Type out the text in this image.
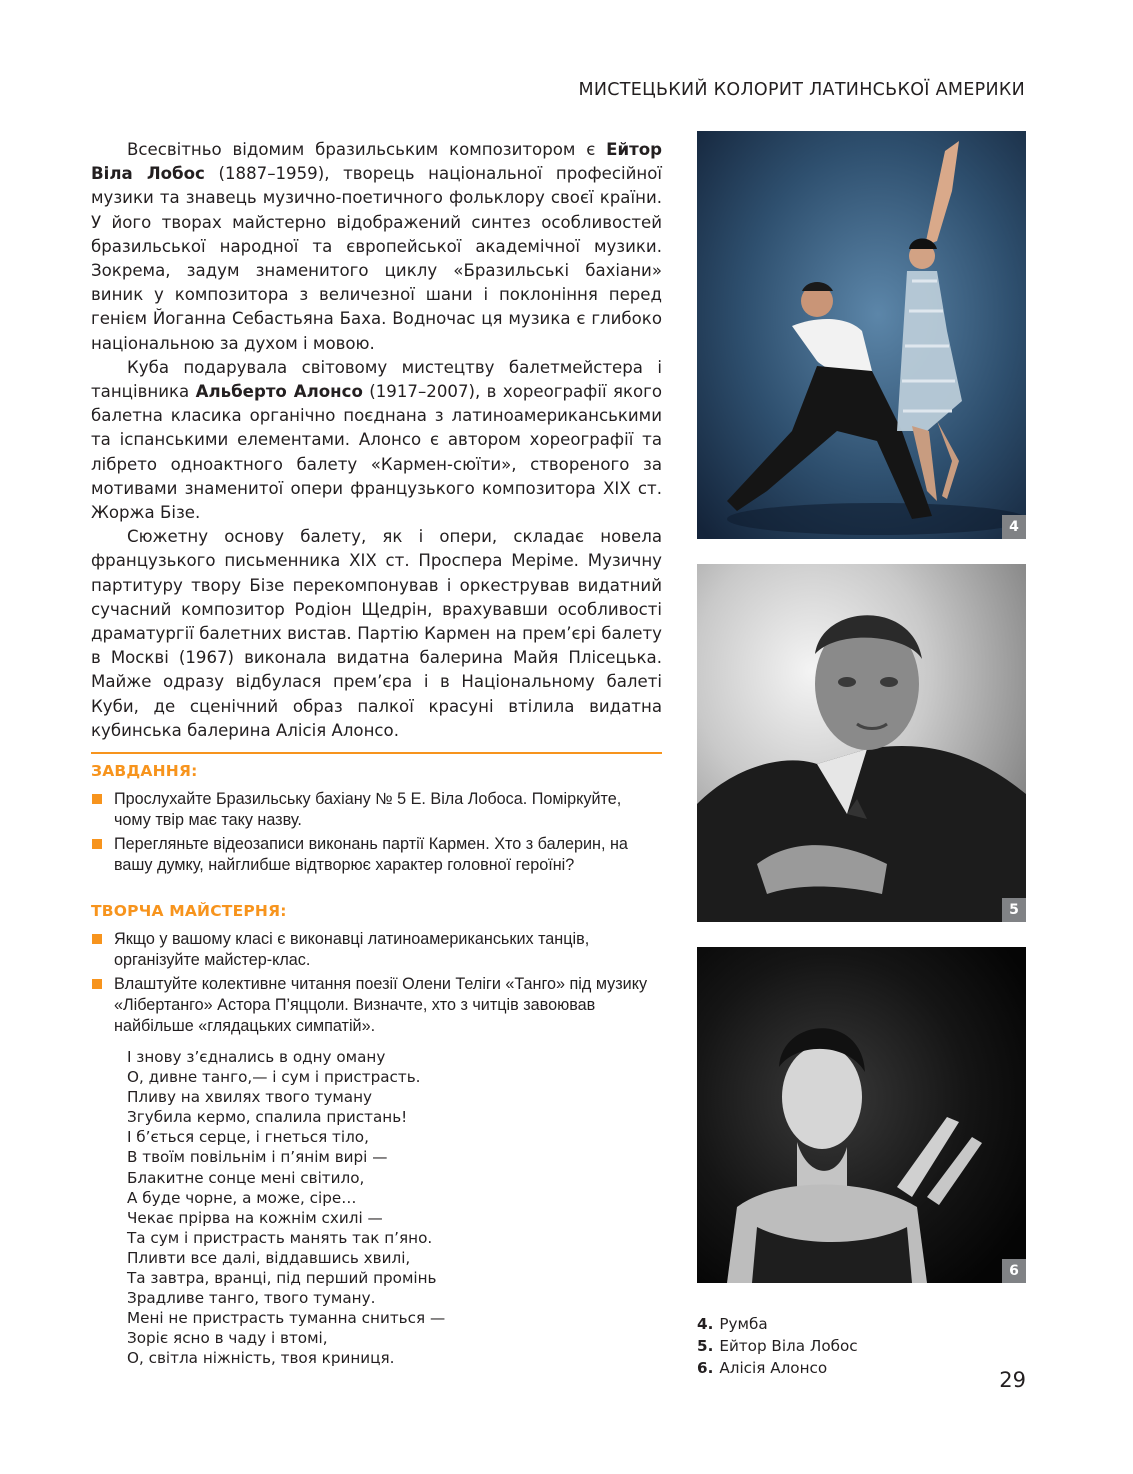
МИСТЕЦЬКИЙ КОЛОРИТ ЛАТИНСЬКОЇ АМЕРИКИ

Всесвітньо відомим бразильським композитором є Ейтор Віла Лобос (1887–1959), творець національної професійної музики та знавець музично-поетичного фольклору своєї країни. У його творах майстерно відображений синтез особливостей бразильської народної та європейської академічної музики. Зокрема, задум знаменитого циклу «Бразильські бахіани» виник у композитора з величезної шани і поклоніння перед генієм Йоганна Себастьяна Баха. Водночас ця музика є глибоко національною за духом і мовою.

Куба подарувала світовому мистецтву балетмейстера і танцівника Альберто Алонсо (1917–2007), в хореографії якого балетна класика органічно поєднана з латиноамериканськими та іспанськими елементами. Алонсо є автором хореографії та лібрето одноактного балету «Кармен-сюїти», створеного за мотивами знаменитої опери французького композитора XIX ст. Жоржа Бізе.

Сюжетну основу балету, як і опери, складає новела французького письменника XIX ст. Проспера Меріме. Музичну партитуру твору Бізе перекомпонував і оркестрував видатний сучасний композитор Родіон Щедрін, врахувавши особливості драматургії балетних вистав. Партію Кармен на прем’єрі балету в Москві (1967) виконала видатна балерина Майя Плісецька. Майже одразу відбулася прем’єра і в Національному балеті Куби, де сценічний образ палкої красуні втілила видатна кубинська балерина Алісія Алонсо.

ЗАВДАННЯ:
Прослухайте Бразильську бахіану № 5 Е. Віла Лобоса. Поміркуйте, чому твір має таку назву.
Перегляньте відеозаписи виконань партії Кармен. Хто з балерин, на вашу думку, найглибше відтворює характер головної героїні?
ТВОРЧА МАЙСТЕРНЯ:
Якщо у вашому класі є виконавці латиноамериканських танців, організуйте майстер-клас.
Влаштуйте колективне читання поезії Олени Теліги «Танго» під музику «Лібертанго» Астора П’яццоли. Визначте, хто з читців завоював найбільше «глядацьких симпатій».
І знову з’єднались в одну оману
О, дивне танго,— і сум і пристрасть.
Пливу на хвилях твого туману
Згубила кермо, спалила пристань!
І б’ється серце, і гнеться тіло,
В твоїм повільнім і п’янім вирі —
Блакитне сонце мені світило,
А буде чорне, а може, сіре…
Чекає прірва на кожнім схилі —
Та сум і пристрасть манять так п’яно.
Пливти все далі, віддавшись хвилі,
Та завтра, вранці, під перший промінь
Зрадливе танго, твого туману.
Мені не пристрасть туманна сниться —
Зоріє ясно в чаду і втомі,
О, світла ніжність, твоя криниця.
4
5
6
4. Румба
5. Ейтор Віла Лобос
6. Алісія Алонсо	29
